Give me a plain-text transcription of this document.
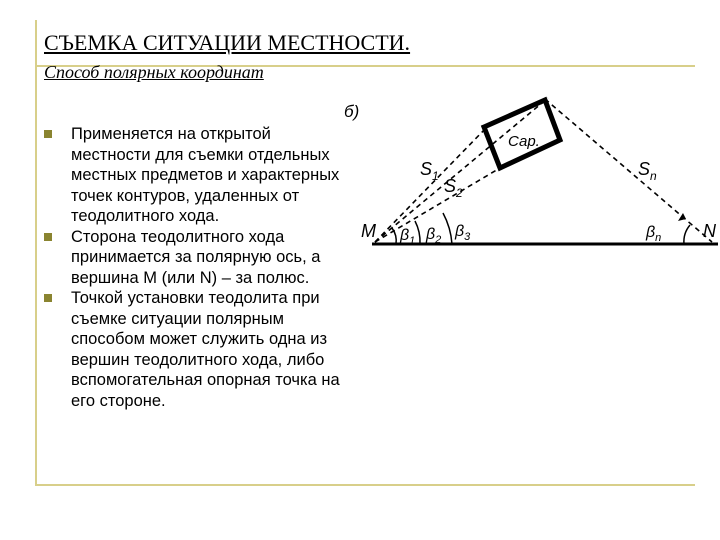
СЪЕМКА СИТУАЦИИ МЕСТНОСТИ.
Способ полярных координат
Применяется на открытой местности для съемки отдельных местных предметов и характерных точек контуров, удаленных от теодолитного хода.
Сторона теодолитного хода принимается за полярную ось, а вершина M (или N) – за полюс.
Точкой установки теодолита при съемке ситуации полярным способом может служить одна из вершин теодолитного хода, либо вспомогательная опорная точка на его стороне.
б)
Сар.
M	N
$S_1$ $S_2$
$S_n$
$\beta_1$ $\beta_2$ $\beta_3$	$\beta_n$
